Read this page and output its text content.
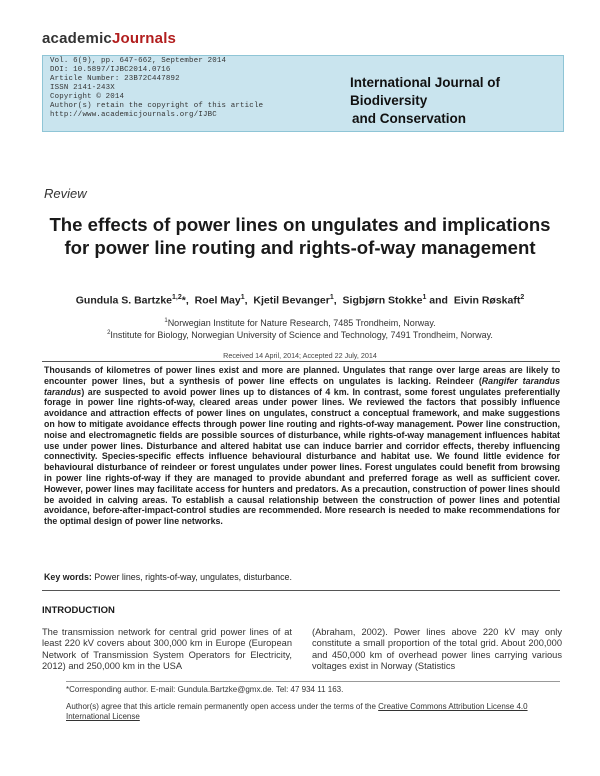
academicJournals
Vol. 6(9), pp. 647-662, September 2014
DOI: 10.5897/IJBC2014.0716
Article Number: 23B72C447892
ISSN 2141-243X
Copyright © 2014
Author(s) retain the copyright of this article
http://www.academicjournals.org/IJBC
International Journal of Biodiversity
and Conservation
Review
The effects of power lines on ungulates and implications for power line routing and rights-of-way management
Gundula S. Bartzke$^{1,2}$*,  Roel May$^1$,  Kjetil Bevanger$^1$,  Sigbjørn Stokke$^1$ and  Eivin Røskaft$^2$
$^1$Norwegian Institute for Nature Research, 7485 Trondheim, Norway.
$^2$Institute for Biology, Norwegian University of Science and Technology, 7491 Trondheim, Norway.
Received 14 April, 2014; Accepted 22 July, 2014
Thousands of kilometres of power lines exist and more are planned. Ungulates that range over large areas are likely to encounter power lines, but a synthesis of power line effects on ungulates is lacking. Reindeer (Rangifer tarandus tarandus) are suspected to avoid power lines up to distances of 4 km. In contrast, some forest ungulates preferentially forage in power line rights-of-way, cleared areas under power lines. We reviewed the factors that possibly influence avoidance and attraction effects of power lines on ungulates, construct a conceptual framework, and make suggestions on how to mitigate avoidance effects through power line routing and rights-of-way management. Power line construction, noise and electromagnetic fields are possible sources of disturbance, while rights-of-way management influences habitat use under power lines. Disturbance and altered habitat use can induce barrier and corridor effects, thereby influencing connectivity. Species-specific effects influence behavioural disturbance and habitat use. We found little evidence for behavioural disturbance of reindeer or forest ungulates under power lines. Forest ungulates could benefit from browsing in power line rights-of-way if they are managed to provide abundant and preferred forage as well as sufficient cover. However, power lines may facilitate access for hunters and predators. As a precaution, construction of power lines should be avoided in calving areas. To establish a causal relationship between the construction of power lines and potential avoidance, before-after-impact-control studies are recommended. More research is needed to make recommendations for the optimal design of power line networks.
Key words: Power lines, rights-of-way, ungulates, disturbance.
INTRODUCTION
The transmission network for central grid power lines of at least 220 kV covers about 300,000 km in Europe (European Network of Transmission System Operators for Electricity, 2012) and 250,000 km in the USA
(Abraham, 2002). Power lines above 220 kV may only constitute a small proportion of the total grid. About 200,000 and 450,000 km of overhead power lines carrying various voltages exist in Norway (Statistics
*Corresponding author. E-mail: Gundula.Bartzke@gmx.de. Tel: 47 934 11 163.
Author(s) agree that this article remain permanently open access under the terms of the Creative Commons Attribution License 4.0 International License
